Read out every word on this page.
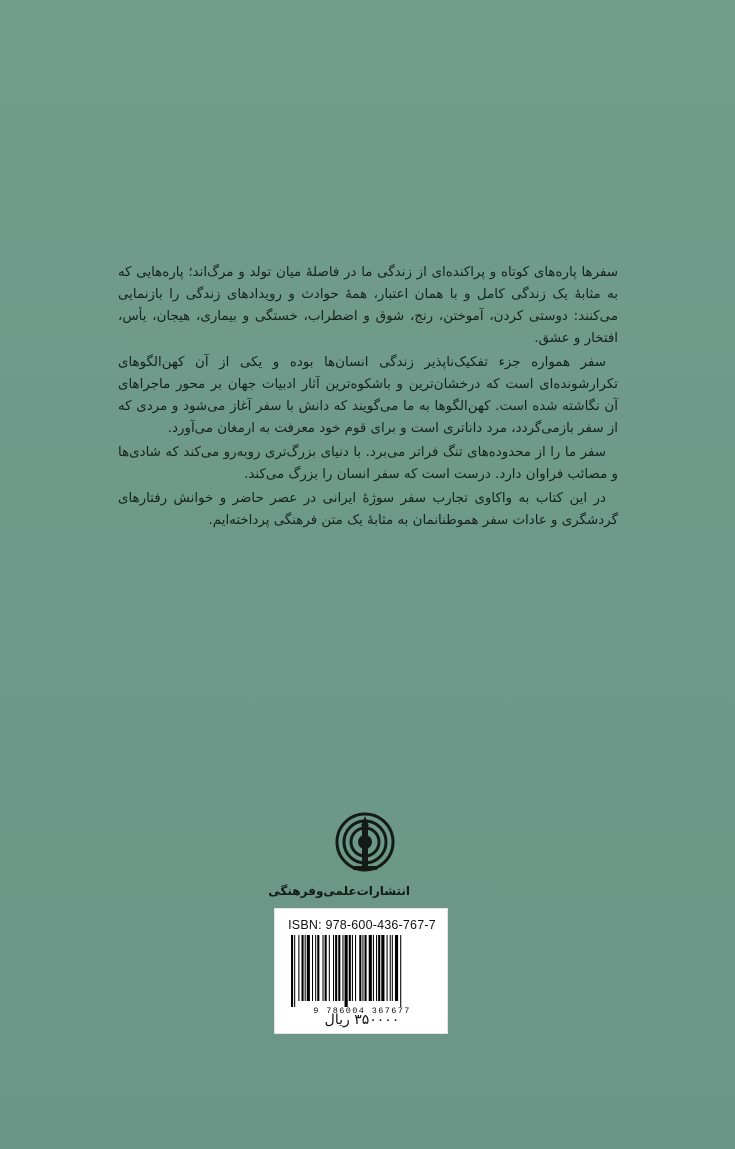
سفرها پاره‌های کوتاه و پراکنده‌ای از زندگی ما در فاصلهٔ میان تولد و مرگ‌اند؛ پاره‌هایی که به مثابهٔ یک زندگی کامل و با همان اعتبار، همهٔ حوادث و رویدادهای زندگی را بازنمایی می‌کنند: دوستی کردن، آموختن، رنج، شوق و اضطراب، خستگی و بیماری، هیجان، یأس، افتخار و عشق.

سفر همواره جزء تفکیک‌ناپذیر زندگی انسان‌ها بوده و یکی از آن کهن‌الگوهای تکرارشونده‌ای است که درخشان‌ترین و باشکوه‌ترین آثار ادبیات جهان بر محور ماجراهای آن نگاشته شده است. کهن‌الگوها به ما می‌گویند که دانش با سفر آغاز می‌شود و مردی که از سفر بازمی‌گردد، مرد داناتری است و برای قوم خود معرفت به ارمغان می‌آورد.

سفر ما را از محدوده‌های تنگ فراتر می‌برد. با دنیای بزرگ‌تری روبه‌رو می‌کند که شادی‌ها و مصائب فراوان دارد. درست است که سفر انسان را بزرگ می‌کند.

در این کتاب به واکاوی تجارب سفر سوژهٔ ایرانی در عصر حاضر و خوانش رفتارهای گردشگری و عادات سفر هموطنانمان به مثابهٔ یک متن فرهنگی پرداخته‌ایم.

انتشارات‌علمی‌و‌فرهنگی
ISBN: 978-600-436-767-7
9 786004 367677
۳۵۰۰۰۰ ریال
